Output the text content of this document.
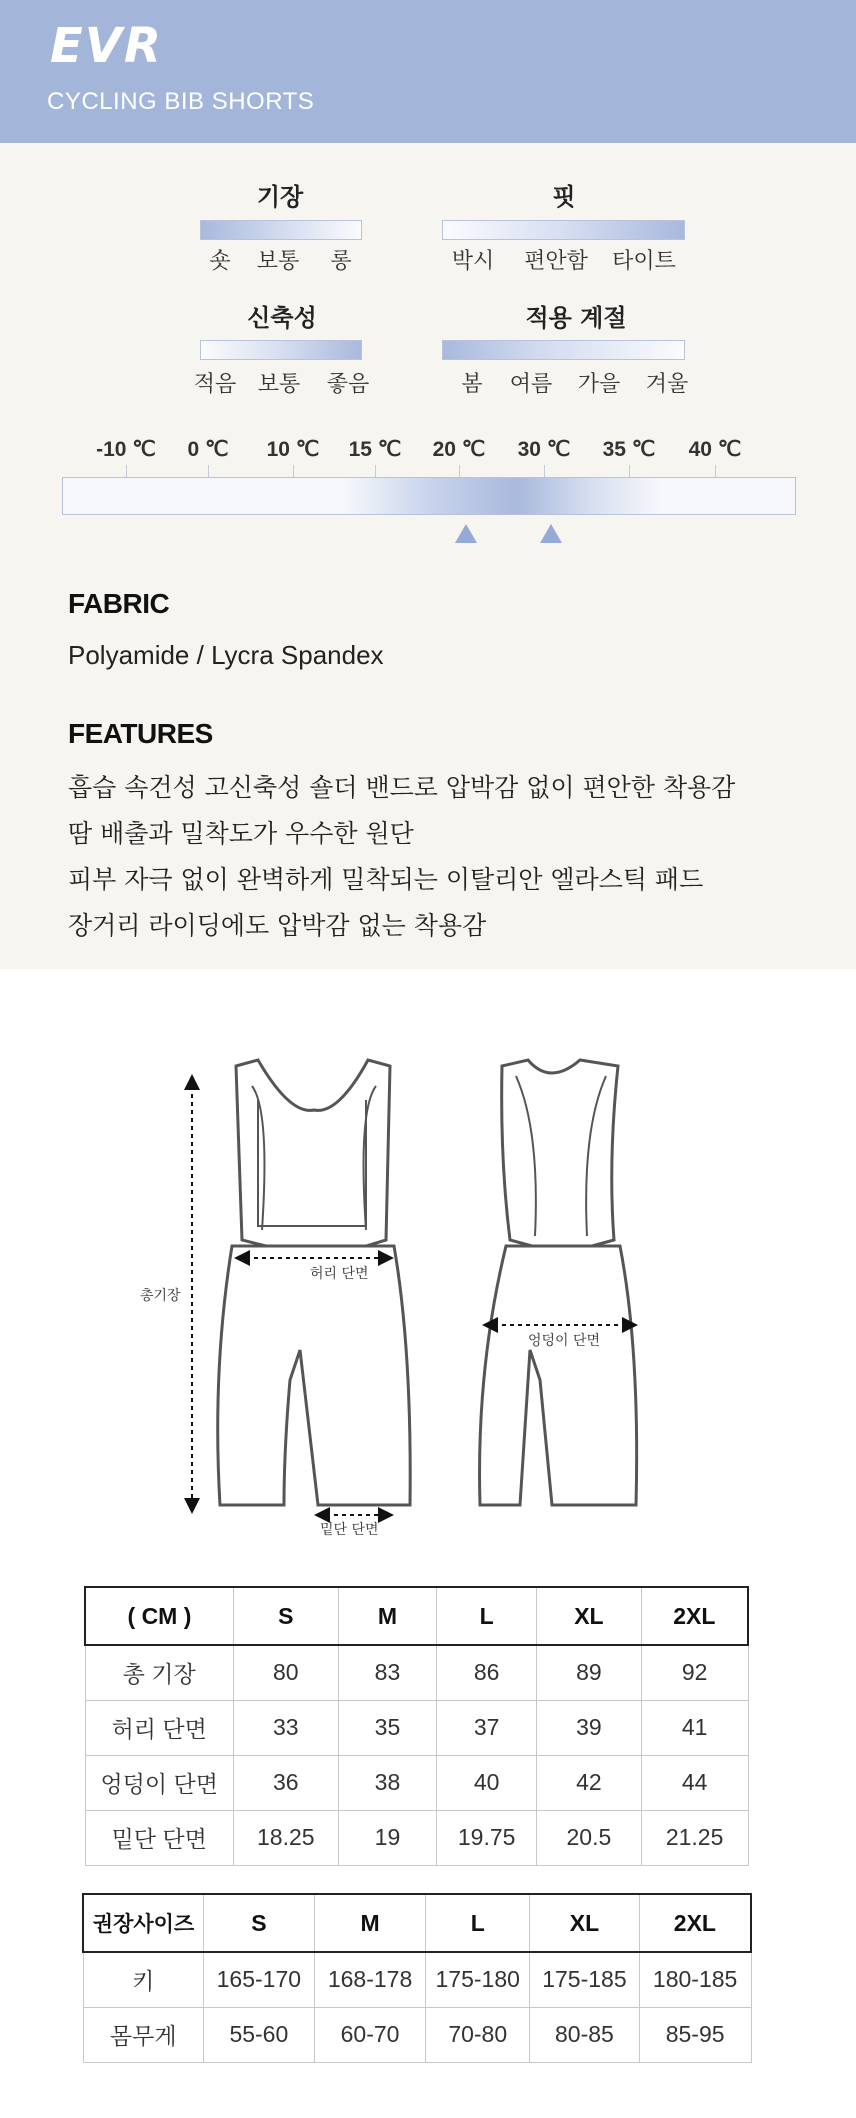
EVR
CYCLING BIB SHORTS
기장
숏	보통	롱
핏
박시	편안함	타이트
신축성
적음 보통	좋음
적용 계절
봄	여름	가을	겨울
-10 ℃	0 ℃	10 ℃	15 ℃	20 ℃	30 ℃	35 ℃	40 ℃
FABRIC
Polyamide / Lycra Spandex
FEATURES
흡습 속건성 고신축성 숄더 밴드로 압박감 없이 편안한 착용감
땀 배출과 밀착도가 우수한 원단
피부 자극 없이 완벽하게 밀착되는 이탈리안 엘라스틱 패드
장거리 라이딩에도 압박감 없는 착용감
총기장
허리 단면
밑단 단면
엉덩이 단면
( CM )	S	M	L	XL	2XL
총 기장	80	83	86	89	92
허리 단면	33	35	37	39	41
엉덩이 단면	36	38	40	42	44
밑단 단면	18.25	19	19.75	20.5	21.25
권장사이즈	S	M	L	XL	2XL
키	165-170	168-178	175-180	175-185	180-185
몸무게	55-60	60-70	70-80	80-85	85-95
